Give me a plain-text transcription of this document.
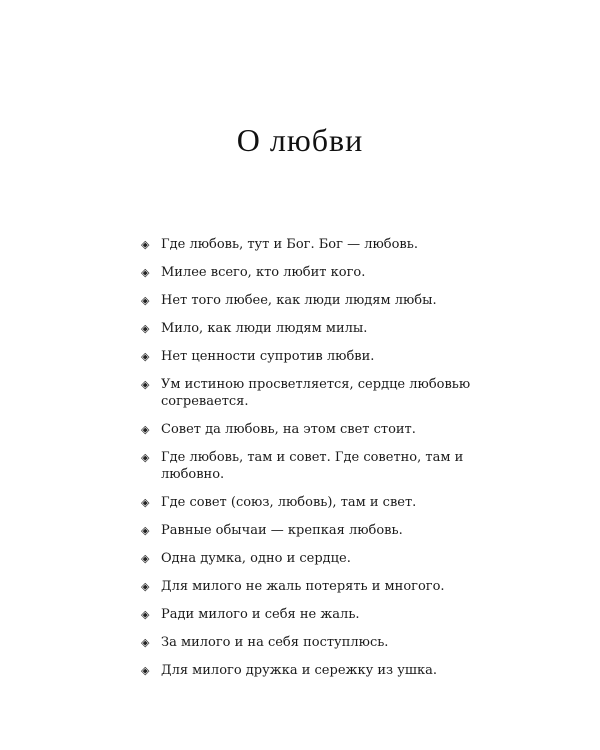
О любви
◈ Где любовь, тут и Бог. Бог — любовь.
◈ Милее всего, кто любит кого.
◈ Нет того любее, как люди людям любы.
◈ Мило, как люди людям милы.
◈ Нет ценности супротив любви.
◈ Ум истиною просветляется, сердце любовью согревается.
◈ Совет да любовь, на этом свет стоит.
◈ Где любовь, там и совет. Где советно, там и любовно.
◈ Где совет (союз, любовь), там и свет.
◈ Равные обычаи — крепкая любовь.
◈ Одна думка, одно и сердце.
◈ Для милого не жаль потерять и многого.
◈ Ради милого и себя не жаль.
◈ За милого и на себя поступлюсь.
◈ Для милого дружка и сережку из ушка.
